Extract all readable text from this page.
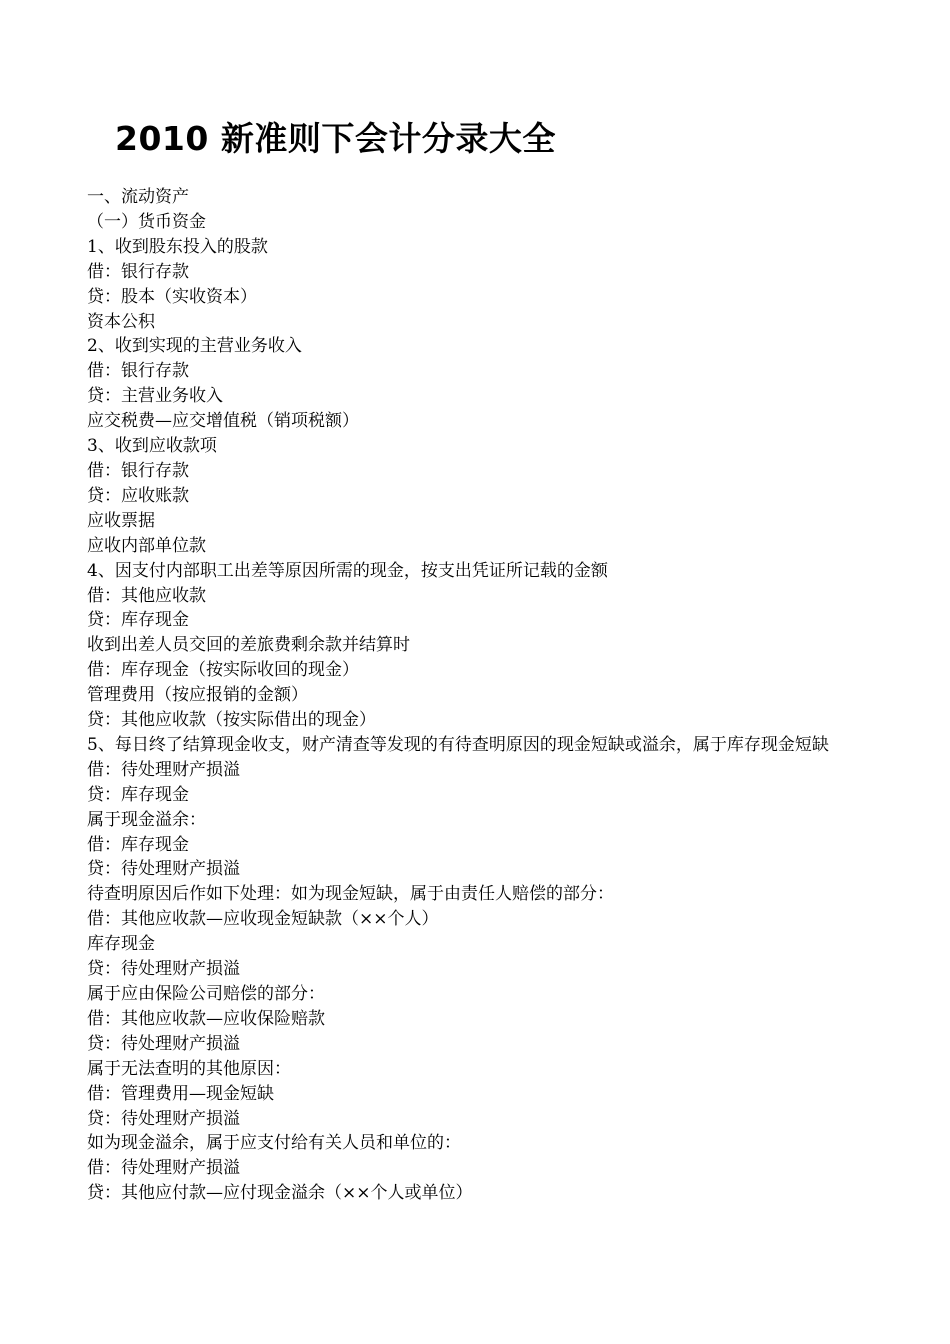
2010 新准则下会计分录大全
一、流动资产
（一）货币资金
1、收到股东投入的股款
借：银行存款
贷：股本（实收资本）
资本公积
2、收到实现的主营业务收入
借：银行存款
贷：主营业务收入
应交税费—应交增值税（销项税额）
3、收到应收款项
借：银行存款
贷：应收账款
应收票据
应收内部单位款
4、因支付内部职工出差等原因所需的现金，按支出凭证所记载的金额
借：其他应收款
贷：库存现金
收到出差人员交回的差旅费剩余款并结算时
借：库存现金（按实际收回的现金）
管理费用（按应报销的金额）
贷：其他应收款（按实际借出的现金）
5、每日终了结算现金收支，财产清查等发现的有待查明原因的现金短缺或溢余，属于库存现金短缺
借：待处理财产损溢
贷：库存现金
属于现金溢余：
借：库存现金
贷：待处理财产损溢
待查明原因后作如下处理：如为现金短缺，属于由责任人赔偿的部分：
借：其他应收款—应收现金短缺款（××个人）
库存现金
贷：待处理财产损溢
属于应由保险公司赔偿的部分：
借：其他应收款—应收保险赔款
贷：待处理财产损溢
属于无法查明的其他原因：
借：管理费用—现金短缺
贷：待处理财产损溢
如为现金溢余，属于应支付给有关人员和单位的：
借：待处理财产损溢
贷：其他应付款—应付现金溢余（××个人或单位）
